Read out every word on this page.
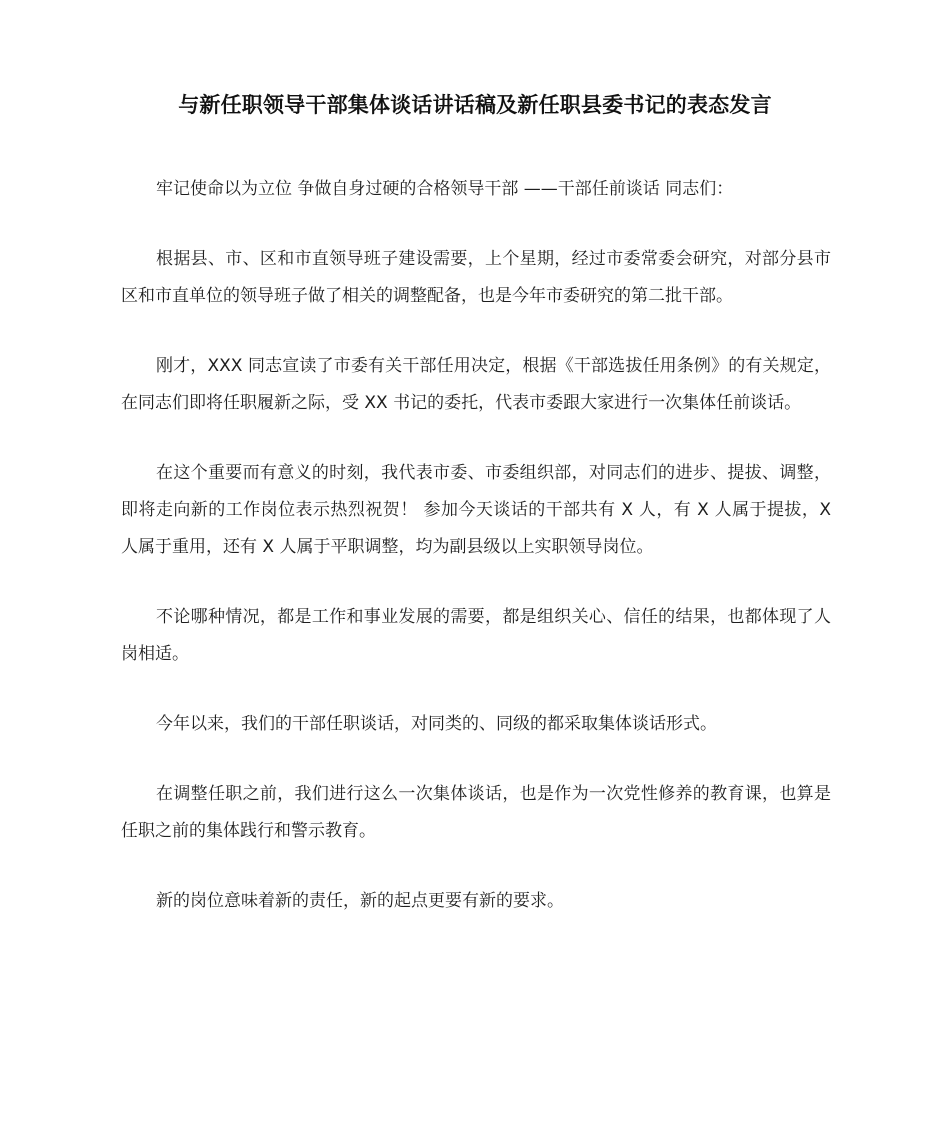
与新任职领导干部集体谈话讲话稿及新任职县委书记的表态发言

牢记使命以为立位 争做自身过硬的合格领导干部 ——干部任前谈话 同志们：

根据县、市、区和市直领导班子建设需要，上个星期，经过市委常委会研究，对部分县市区和市直单位的领导班子做了相关的调整配备，也是今年市委研究的第二批干部。

刚才，XXX 同志宣读了市委有关干部任用决定，根据《干部选拔任用条例》的有关规定，在同志们即将任职履新之际，受 XX 书记的委托，代表市委跟大家进行一次集体任前谈话。

在这个重要而有意义的时刻，我代表市委、市委组织部，对同志们的进步、提拔、调整，即将走向新的工作岗位表示热烈祝贺！ 参加今天谈话的干部共有 X 人，有 X 人属于提拔，X 人属于重用，还有 X 人属于平职调整，均为副县级以上实职领导岗位。

不论哪种情况，都是工作和事业发展的需要，都是组织关心、信任的结果，也都体现了人岗相适。

今年以来，我们的干部任职谈话，对同类的、同级的都采取集体谈话形式。

在调整任职之前，我们进行这么一次集体谈话，也是作为一次党性修养的教育课，也算是任职之前的集体践行和警示教育。

新的岗位意味着新的责任，新的起点更要有新的要求。
